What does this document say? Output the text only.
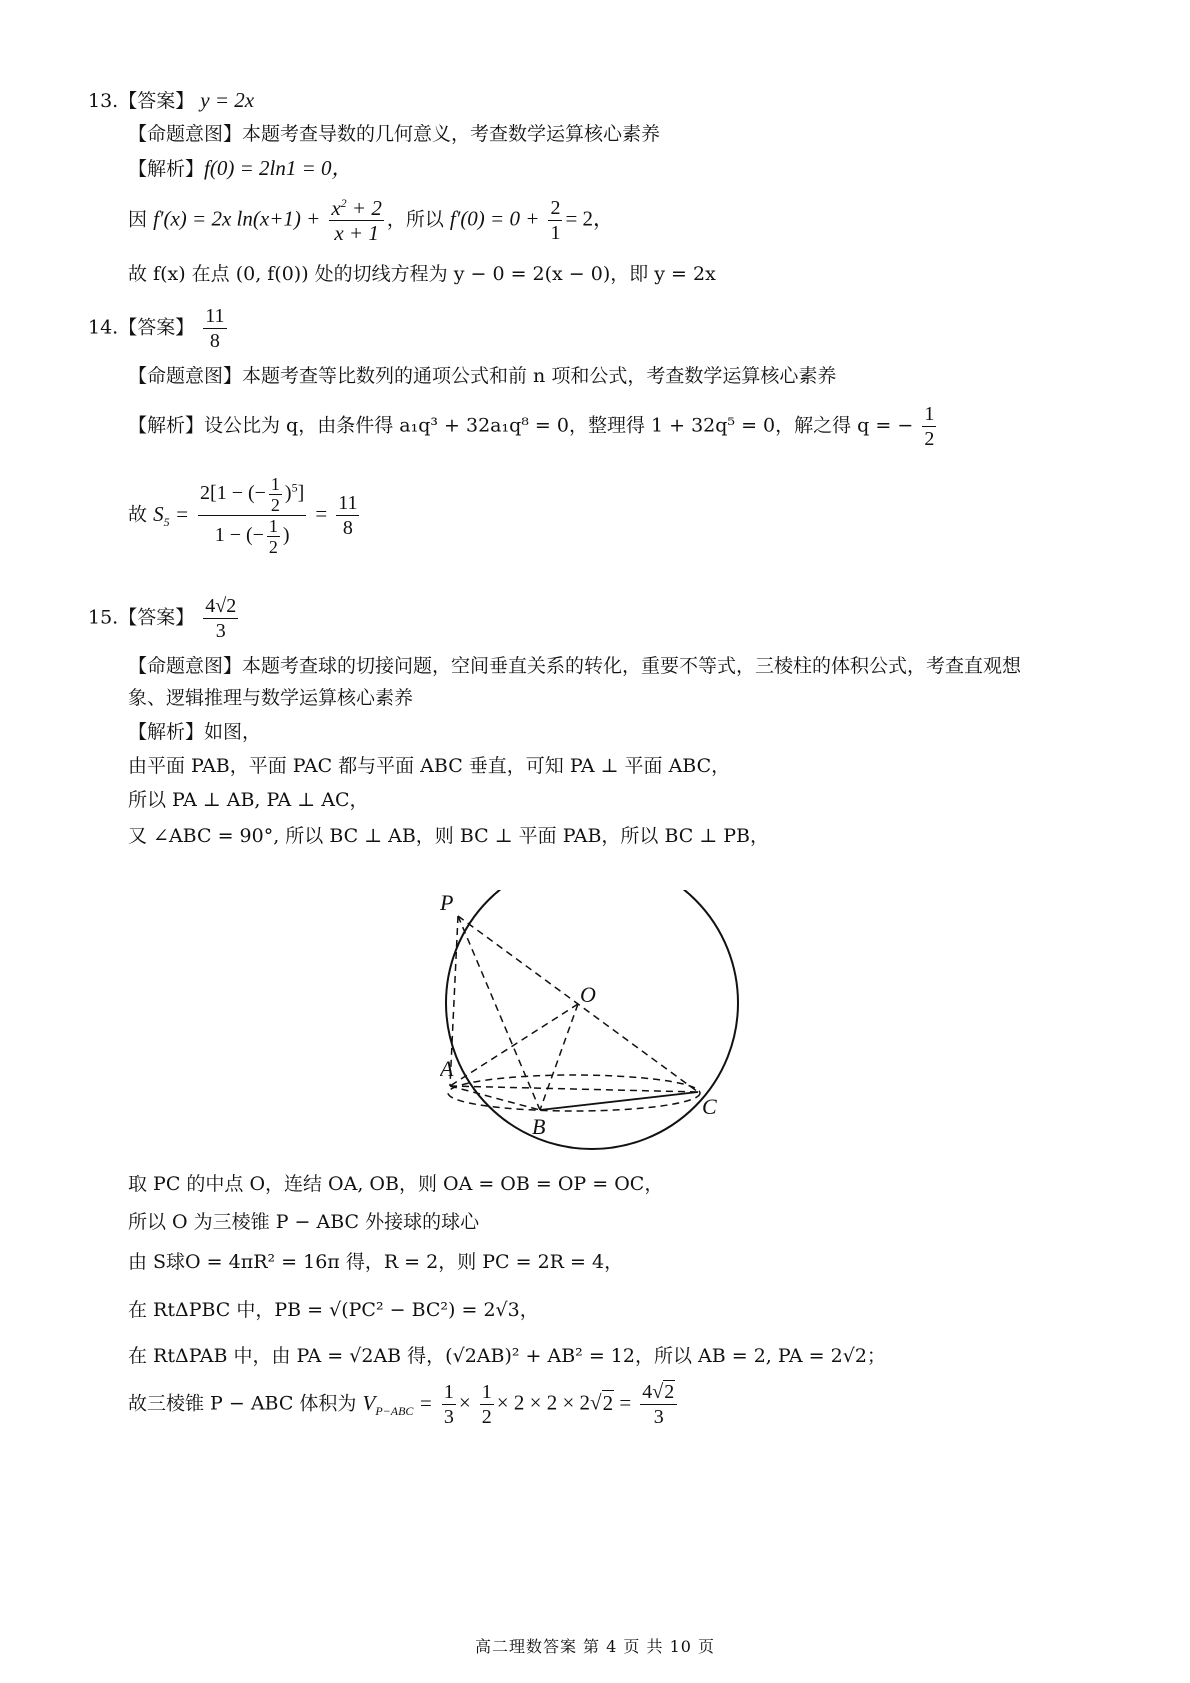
13.【答案】 y = 2x
【命题意图】本题考查导数的几何意义，考查数学运算核心素养
【解析】f(0) = 2ln1 = 0，
因 f′(x) = 2x $\ln(x+1) + \frac{x^2 + 2}{x + 1}$ ，所以 $f'(0) = 0 + \frac{2}{1} = 2$，
故 f(x) 在点 (0, f(0)) 处的切线方程为 y − 0 = 2(x − 0)，即 y = 2x
14.【答案】 $\frac{11}{8}$
【命题意图】本题考查等比数列的通项公式和前 n 项和公式，考查数学运算核心素养
【解析】设公比为 q，由条件得 a₁q³ + 32a₁q⁸ = 0，整理得 1 + 32q⁵ = 0，解之得 q = − $\frac{1}{2}$
故 $S_5 = \frac{2[1 - (- \frac{1}{2} )^5]}{1 - (- \frac{1}{2} )} = \frac{11}{8}$
15.【答案】 $\frac{4√2}{3}$
【命题意图】本题考查球的切接问题，空间垂直关系的转化，重要不等式，三棱柱的体积公式，考查直观想
象、逻辑推理与数学运算核心素养
【解析】如图，
由平面 PAB，平面 PAC 都与平面 ABC 垂直，可知 PA ⊥ 平面 ABC，
所以 PA ⊥ AB, PA ⊥ AC，
又 ∠ABC = 90°, 所以 BC ⊥ AB，则 BC ⊥ 平面 PAB，所以 BC ⊥ PB，
P
O
A
B
C
取 PC 的中点 O，连结 OA, OB，则 OA = OB = OP = OC，
所以 O 为三棱锥 P − ABC 外接球的球心
由 S球O = 4πR² = 16π 得，R = 2，则 PC = 2R = 4，
在 RtΔPBC 中，PB = √(PC² − BC²) = 2√3，
在 RtΔPAB 中，由 PA = √2AB 得，(√2AB)² + AB² = 12，所以 AB = 2, PA = 2√2；
故三棱锥 P − ABC 体积为 $V_{P-ABC} = \frac{1}{3} \times \frac{1}{2} \times 2 \times 2 \times 2√2 = \frac{4√2}{3}$
高二理数答案 第 4 页 共 10 页
